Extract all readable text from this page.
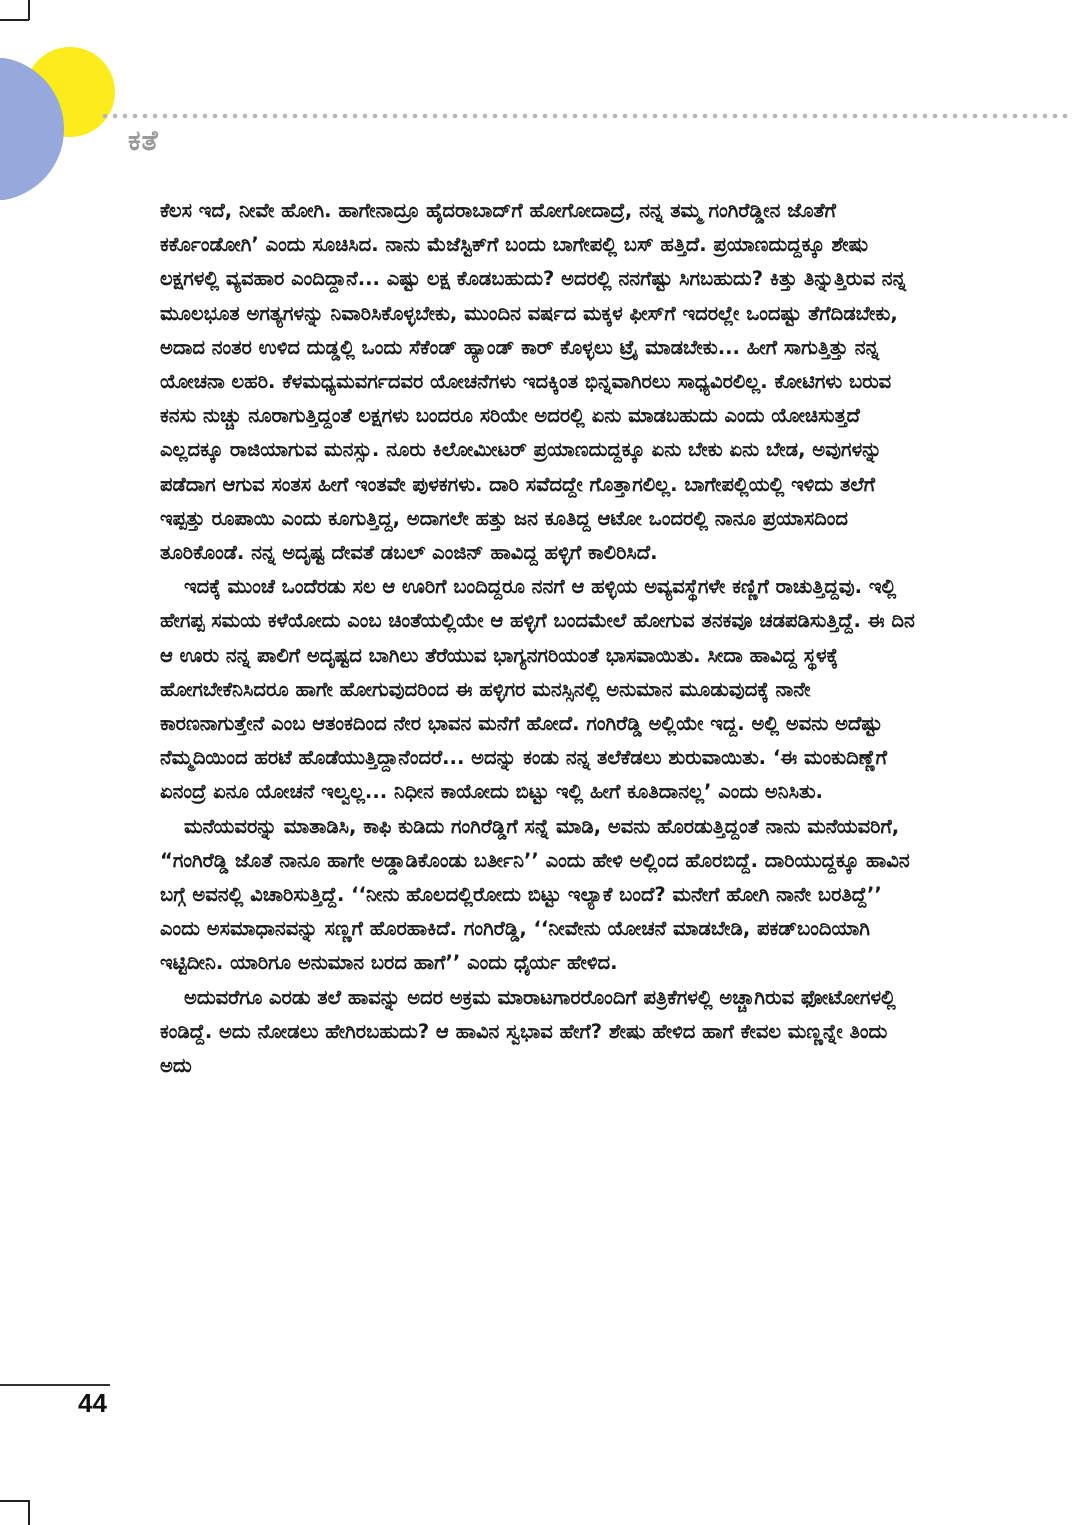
ಕತೆ

ಕೆಲಸ ಇದೆ, ನೀವೇ ಹೋಗಿ. ಹಾಗೇನಾದ್ರೂ ಹೈದರಾಬಾದ್‌ಗೆ ಹೋಗೋದಾದ್ರೆ, ನನ್ನ ತಮ್ಮ ಗಂಗಿರೆಡ್ಡೀನ ಜೊತೆಗೆ ಕರ್ಕೊಂಡೋಗಿ’ ಎಂದು ಸೂಚಿಸಿದ. ನಾನು ಮೆಜೆಸ್ಟಿಕ್‌ಗೆ ಬಂದು ಬಾಗೇಪಲ್ಲಿ ಬಸ್ ಹತ್ತಿದೆ. ಪ್ರಯಾಣದುದ್ದಕ್ಕೂ ಶೇಷು ಲಕ್ಷಗಳಲ್ಲಿ ವ್ಯವಹಾರ ಎಂದಿದ್ದಾನೆ... ಎಷ್ಟು ಲಕ್ಷ ಕೊಡಬಹುದು? ಅದರಲ್ಲಿ ನನಗೆಷ್ಟು ಸಿಗಬಹುದು? ಕಿತ್ತು ತಿನ್ನುತ್ತಿರುವ ನನ್ನ ಮೂಲಭೂತ ಅಗತ್ಯಗಳನ್ನು ನಿವಾರಿಸಿಕೊಳ್ಳಬೇಕು, ಮುಂದಿನ ವರ್ಷದ ಮಕ್ಕಳ ಫೀಸ್‌ಗೆ ಇದರಲ್ಲೇ ಒಂದಷ್ಟು ತೆಗೆದಿಡಬೇಕು, ಅದಾದ ನಂತರ ಉಳಿದ ದುಡ್ಡಲ್ಲಿ ಒಂದು ಸೆಕೆಂಡ್ ಹ್ಯಾಂಡ್ ಕಾರ್ ಕೊಳ್ಳಲು ಟ್ರೈ ಮಾಡಬೇಕು... ಹೀಗೆ ಸಾಗುತ್ತಿತ್ತು ನನ್ನ ಯೋಚನಾ ಲಹರಿ. ಕೆಳಮಧ್ಯಮವರ್ಗದವರ ಯೋಚನೆಗಳು ಇದಕ್ಕಿಂತ ಭಿನ್ನವಾಗಿರಲು ಸಾಧ್ಯವಿರಲಿಲ್ಲ. ಕೋಟಿಗಳು ಬರುವ ಕನಸು ನುಚ್ಚು ನೂರಾಗುತ್ತಿದ್ದಂತೆ ಲಕ್ಷಗಳು ಬಂದರೂ ಸರಿಯೇ ಅದರಲ್ಲಿ ಏನು ಮಾಡಬಹುದು ಎಂದು ಯೋಚಿಸುತ್ತದೆ ಎಲ್ಲದಕ್ಕೂ ರಾಜಿಯಾಗುವ ಮನಸ್ಸು. ನೂರು ಕಿಲೋಮೀಟರ್ ಪ್ರಯಾಣದುದ್ದಕ್ಕೂ ಏನು ಬೇಕು ಏನು ಬೇಡ, ಅವುಗಳನ್ನು ಪಡೆದಾಗ ಆಗುವ ಸಂತಸ ಹೀಗೆ ಇಂತವೇ ಪುಳಕಗಳು. ದಾರಿ ಸವೆದದ್ದೇ ಗೊತ್ತಾಗಲಿಲ್ಲ. ಬಾಗೇಪಲ್ಲಿಯಲ್ಲಿ ಇಳಿದು ತಲೆಗೆ ಇಪ್ಪತ್ತು ರೂಪಾಯಿ ಎಂದು ಕೂಗುತ್ತಿದ್ದ, ಅದಾಗಲೇ ಹತ್ತು ಜನ ಕೂತಿದ್ದ ಆಟೋ ಒಂದರಲ್ಲಿ ನಾನೂ ಪ್ರಯಾಸದಿಂದ ತೂರಿಕೊಂಡೆ. ನನ್ನ ಅದೃಷ್ಟ ದೇವತೆ ಡಬಲ್ ಎಂಜಿನ್ ಹಾವಿದ್ದ ಹಳ್ಳಿಗೆ ಕಾಲಿರಿಸಿದೆ.

ಇದಕ್ಕೆ ಮುಂಚೆ ಒಂದೆರಡು ಸಲ ಆ ಊರಿಗೆ ಬಂದಿದ್ದರೂ ನನಗೆ ಆ ಹಳ್ಳಿಯ ಅವ್ಯವಸ್ಥೆಗಳೇ ಕಣ್ಣಿಗೆ ರಾಚುತ್ತಿದ್ದವು. ಇಲ್ಲಿ ಹೇಗಪ್ಪ ಸಮಯ ಕಳೆಯೋದು ಎಂಬ ಚಿಂತೆಯಲ್ಲಿಯೇ ಆ ಹಳ್ಳಿಗೆ ಬಂದಮೇಲೆ ಹೋಗುವ ತನಕವೂ ಚಡಪಡಿಸುತ್ತಿದ್ದೆ. ಈ ದಿನ ಆ ಊರು ನನ್ನ ಪಾಲಿಗೆ ಅದೃಷ್ಟದ ಬಾಗಿಲು ತೆರೆಯುವ ಭಾಗ್ಯನಗರಿಯಂತೆ ಭಾಸವಾಯಿತು. ಸೀದಾ ಹಾವಿದ್ದ ಸ್ಥಳಕ್ಕೆ ಹೋಗಬೇಕೆನಿಸಿದರೂ ಹಾಗೇ ಹೋಗುವುದರಿಂದ ಈ ಹಳ್ಳಿಗರ ಮನಸ್ಸಿನಲ್ಲಿ ಅನುಮಾನ ಮೂಡುವುದಕ್ಕೆ ನಾನೇ ಕಾರಣನಾಗುತ್ತೇನೆ ಎಂಬ ಆತಂಕದಿಂದ ನೇರ ಭಾವನ ಮನೆಗೆ ಹೋದೆ. ಗಂಗಿರೆಡ್ಡಿ ಅಲ್ಲಿಯೇ ಇದ್ದ. ಅಲ್ಲಿ ಅವನು ಅದೆಷ್ಟು ನೆಮ್ಮದಿಯಿಂದ ಹರಟೆ ಹೊಡೆಯುತ್ತಿದ್ದಾನೆಂದರೆ... ಅದನ್ನು ಕಂಡು ನನ್ನ ತಲೆಕೆಡಲು ಶುರುವಾಯಿತು. ‘ಈ ಮಂಕುದಿಣ್ಣೆಗೆ ಏನಂದ್ರೆ ಏನೂ ಯೋಚನೆ ಇಲ್ವಲ್ಲ... ನಿಧೀನ ಕಾಯೋದು ಬಿಟ್ಟು ಇಲ್ಲಿ ಹೀಗೆ ಕೂತಿದಾನಲ್ಲ’ ಎಂದು ಅನಿಸಿತು.

ಮನೆಯವರನ್ನು ಮಾತಾಡಿಸಿ, ಕಾಫಿ ಕುಡಿದು ಗಂಗಿರೆಡ್ಡಿಗೆ ಸನ್ನೆ ಮಾಡಿ, ಅವನು ಹೊರಡುತ್ತಿದ್ದಂತೆ ನಾನು ಮನೆಯವರಿಗೆ, “ಗಂಗಿರೆಡ್ಡಿ ಜೊತೆ ನಾನೂ ಹಾಗೇ ಅಡ್ಡಾಡಿಕೊಂಡು ಬರ್ತೀನಿ’’ ಎಂದು ಹೇಳಿ ಅಲ್ಲಿಂದ ಹೊರಬಿದ್ದೆ. ದಾರಿಯುದ್ದಕ್ಕೂ ಹಾವಿನ ಬಗ್ಗೆ ಅವನಲ್ಲಿ ವಿಚಾರಿಸುತ್ತಿದ್ದೆ. ‘‘ನೀನು ಹೊಲದಲ್ಲಿರೋದು ಬಿಟ್ಟು ಇಲ್ಯಾಕೆ ಬಂದೆ? ಮನೇಗೆ ಹೋಗಿ ನಾನೇ ಬರತಿದ್ದೆ’’ ಎಂದು ಅಸಮಾಧಾನವನ್ನು ಸಣ್ಣಗೆ ಹೊರಹಾಕಿದೆ. ಗಂಗಿರೆಡ್ಡಿ, ‘‘ನೀವೇನು ಯೋಚನೆ ಮಾಡಬೇಡಿ, ಪಕಡ್‌ಬಂದಿಯಾಗಿ ಇಟ್ಟಿದೀನಿ. ಯಾರಿಗೂ ಅನುಮಾನ ಬರದ ಹಾಗೆ’’ ಎಂದು ಧೈರ್ಯ ಹೇಳಿದ.

ಅದುವರೆಗೂ ಎರಡು ತಲೆ ಹಾವನ್ನು ಅದರ ಅಕ್ರಮ ಮಾರಾಟಗಾರರೊಂದಿಗೆ ಪತ್ರಿಕೆಗಳಲ್ಲಿ ಅಚ್ಚಾಗಿರುವ ಫೋಟೋಗಳಲ್ಲಿ ಕಂಡಿದ್ದೆ. ಅದು ನೋಡಲು ಹೇಗಿರಬಹುದು? ಆ ಹಾವಿನ ಸ್ವಭಾವ ಹೇಗೆ? ಶೇಷು ಹೇಳಿದ ಹಾಗೆ ಕೇವಲ ಮಣ್ಣನ್ನೇ ತಿಂದು ಅದು

44
